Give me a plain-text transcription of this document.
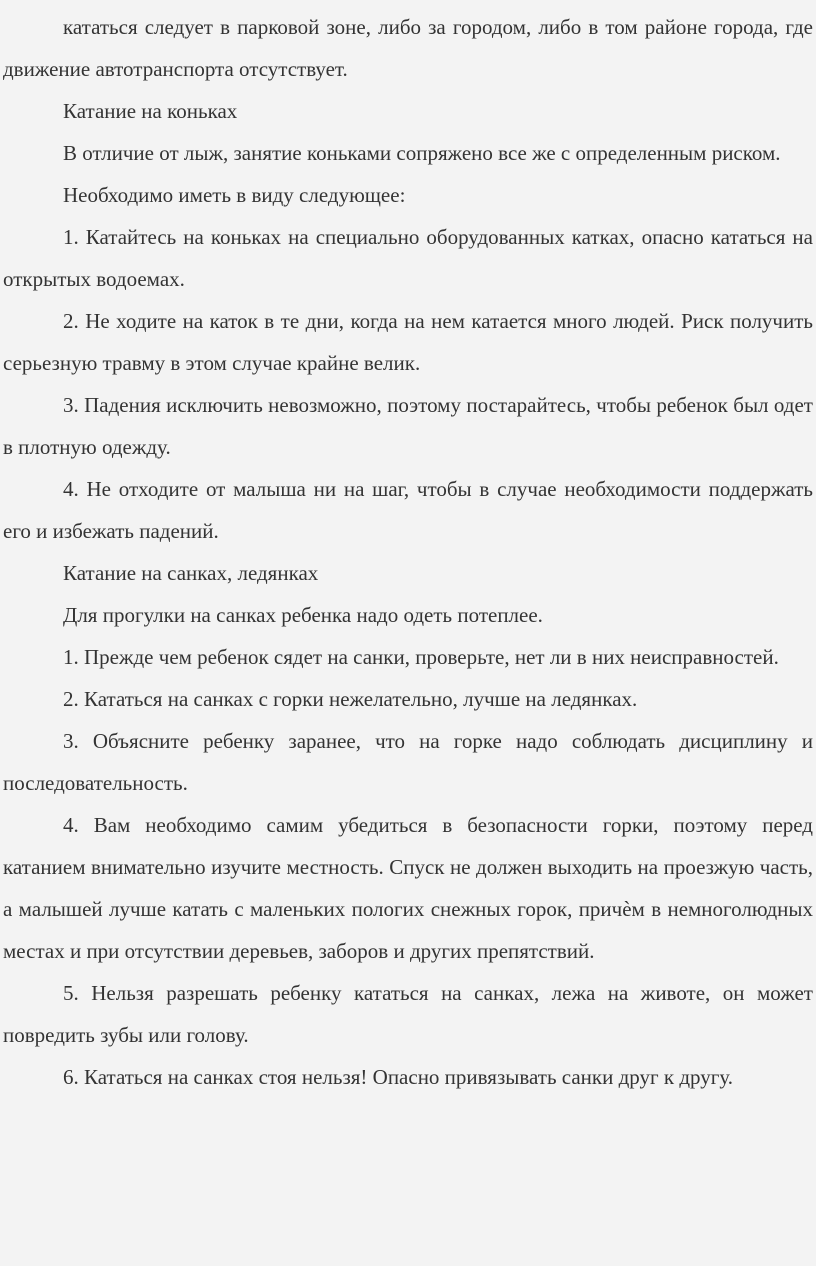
кататься следует в парковой зоне, либо за городом, либо в том районе города, где движение автотранспорта отсутствует.

Катание на коньках

В отличие от лыж, занятие коньками сопряжено все же с определенным риском.

Необходимо иметь в виду следующее:

1. Катайтесь на коньках на специально оборудованных катках, опасно кататься на открытых водоемах.

2. Не ходите на каток в те дни, когда на нем катается много людей. Риск получить серьезную травму в этом случае крайне велик.

3. Падения исключить невозможно, поэтому постарайтесь, чтобы ребенок был одет в плотную одежду.

4. Не отходите от малыша ни на шаг, чтобы в случае необходимости поддержать его и избежать падений.

Катание на санках, ледянках

Для прогулки на санках ребенка надо одеть потеплее.

1. Прежде чем ребенок сядет на санки, проверьте, нет ли в них неисправностей.

2. Кататься на санках с горки нежелательно, лучше на ледянках.

3. Объясните ребенку заранее, что на горке надо соблюдать дисциплину и последовательность.

4. Вам необходимо самим убедиться в безопасности горки, поэтому перед катанием внимательно изучите местность. Спуск не должен выходить на проезжую часть, а малышей лучше катать с маленьких пологих снежных горок, причѐм в немноголюдных местах и при отсутствии деревьев, заборов и других препятствий.

5. Нельзя разрешать ребенку кататься на санках, лежа на животе, он может повредить зубы или голову.

6. Кататься на санках стоя нельзя! Опасно привязывать санки друг к другу.
